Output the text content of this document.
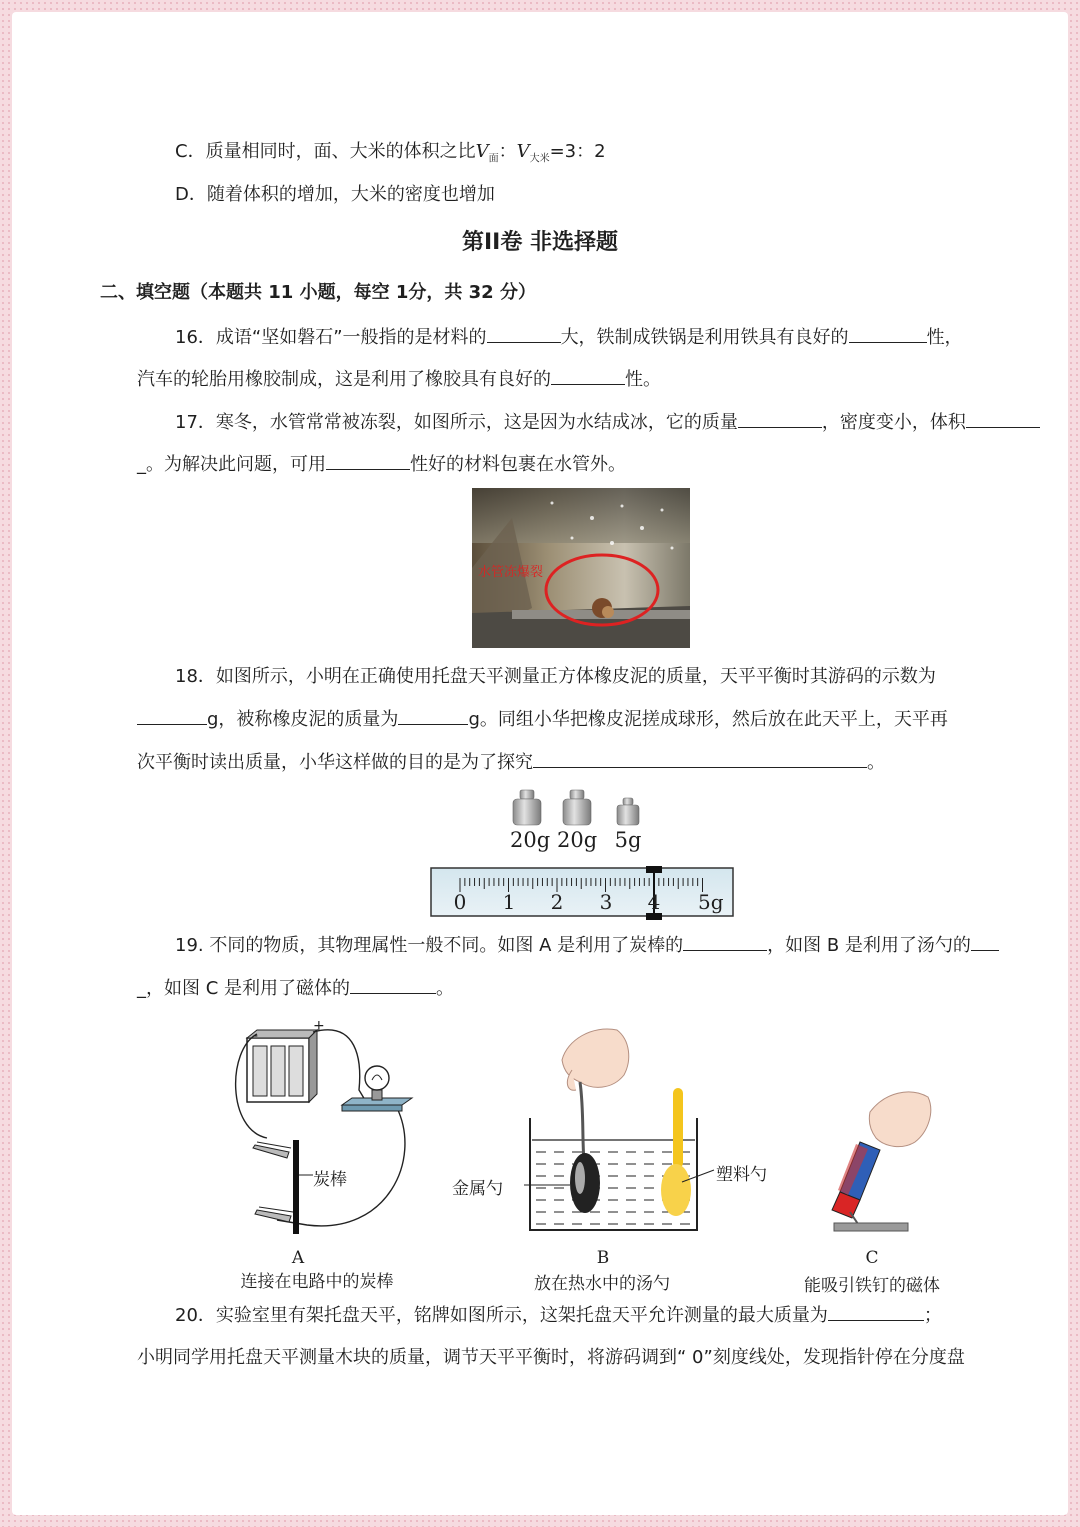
C．质量相同时，面、大米的体积之比$V_面$：$V_{大米}=3$：2
D．随着体积的增加，大米的密度也增加
第II卷 非选择题
二、填空题（本题共 11 小题，每空 1分，共 32 分）
16．成语“坚如磐石”一般指的是材料的	大，铁制成铁锅是利用铁具有良好的	性，
汽车的轮胎用橡胶制成，这是利用了橡胶具有良好的	性。
17．寒冬，水管常常被冻裂，如图所示，这是因为水结成冰，它的质量	，密度变小，体积
_。为解决此问题，可用	性好的材料包裹在水管外。
水管冻爆裂
18．如图所示，小明在正确使用托盘天平测量正方体橡皮泥的质量，天平平衡时其游码的示数为
g，被称橡皮泥的质量为	g。同组小华把橡皮泥搓成球形，然后放在此天平上，天平再
次平衡时读出质量，小华这样做的目的是为了探究	。
20g 20g 5g
0 1 2 3 4 5g
19. 不同的物质，其物理属性一般不同。如图 A 是利用了炭棒的	，如图 B 是利用了汤勺的
_，如图 C 是利用了磁体的	。
-
+
炭棒
A
连接在电路中的炭棒
金属勺
塑料勺
B
放在热水中的汤勺
C
能吸引铁钉的磁体
20．实验室里有架托盘天平，铭牌如图所示，这架托盘天平允许测量的最大质量为	；
小明同学用托盘天平测量木块的质量，调节天平平衡时，将游码调到“ 0”刻度线处，发现指针停在分度盘
